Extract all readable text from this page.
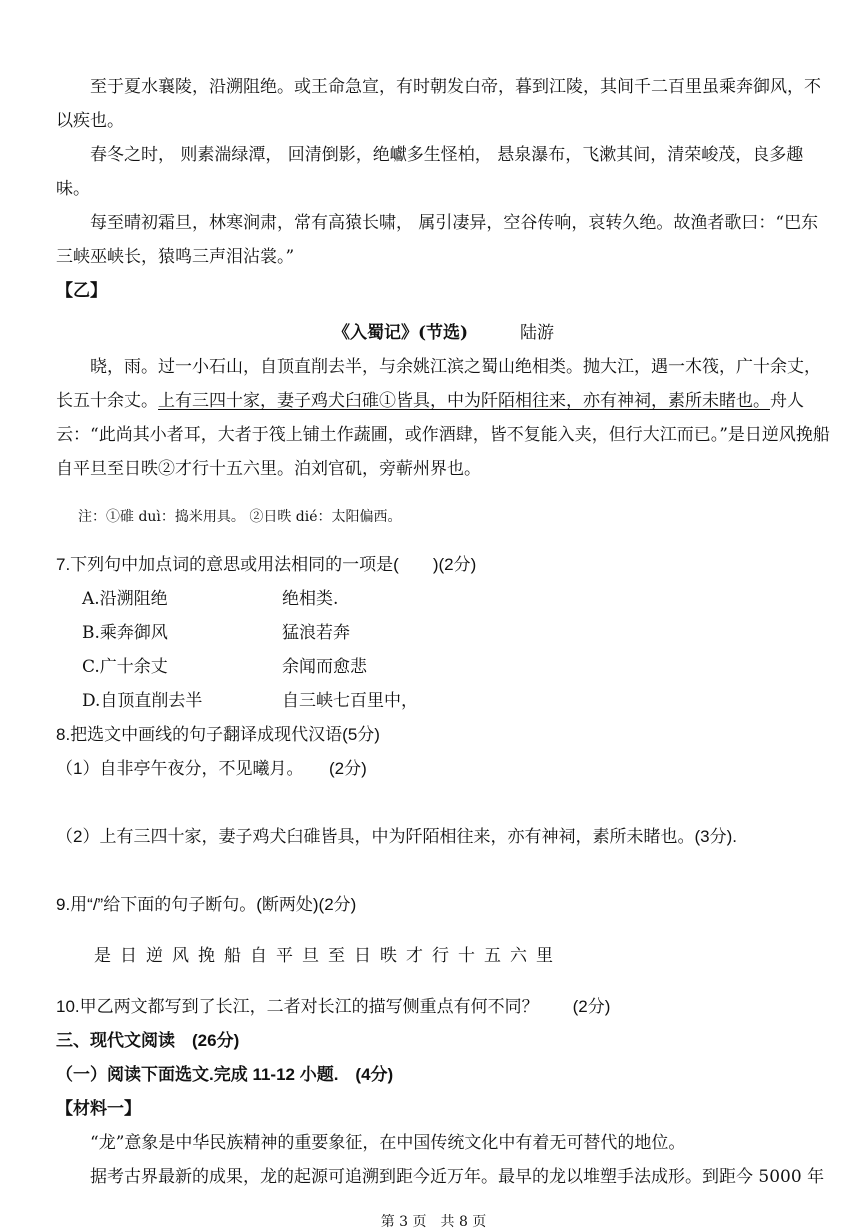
至于夏水襄陵，沿溯阻绝。或王命急宣，有时朝发白帝，暮到江陵，其间千二百里虽乘奔御风，不以疾也。

春冬之时， 则素湍绿潭， 回清倒影，绝巘多生怪柏， 悬泉瀑布，飞漱其间，清荣峻茂，良多趣味。

每至晴初霜旦，林寒涧肃，常有高猿长啸， 属引凄异，空谷传响，哀转久绝。故渔者歌曰：“巴东三峡巫峡长，猿鸣三声泪沾裳。”

【乙】

《入蜀记》(节选)	陆游

晓，雨。过一小石山，自顶直削去半，与余姚江滨之蜀山绝相类。抛大江，遇一木筏，广十余丈，长五十余丈。上有三四十家，妻子鸡犬臼碓①皆具，中为阡陌相往来，亦有神祠，素所未睹也。舟人云：“此尚其小者耳，大者于筏上铺土作蔬圃，或作酒肆，皆不复能入夹，但行大江而已。”是日逆风挽船自平旦至日昳②才行十五六里。泊刘官矶，旁蕲州界也。

注：①碓 duì：捣米用具。 ②日昳 dié：太阳偏西。

7.下列句中加点词的意思或用法相同的一项是(　　)(2分)

A.沿溯阻绝	绝相类.
B.乘奔御风	猛浪若奔
C.广十余丈	余闻而愈悲
D.自顶直削去半	自三峡七百里中，

8.把选文中画线的句子翻译成现代汉语(5分)

（1）自非亭午夜分，不见曦月。　　(2分)

（2）上有三四十家，妻子鸡犬臼碓皆具，中为阡陌相往来，亦有神祠，素所未睹也。(3分).

9.用“/”给下面的句子断句。(断两处)(2分)

是日逆风挽船自平旦至日昳才行十五六里

10.甲乙两文都写到了长江，二者对长江的描写侧重点有何不同？　　(2分)

三、现代文阅读　(26分)

（一）阅读下面选文.完成 11-12 小题.　(4分)

【材料一】

“龙”意象是中华民族精神的重要象征，在中国传统文化中有着无可替代的地位。

据考古界最新的成果，龙的起源可追溯到距今近万年。最早的龙以堆塑手法成形。到距今 5000 年

第 3 页　共 8 页
